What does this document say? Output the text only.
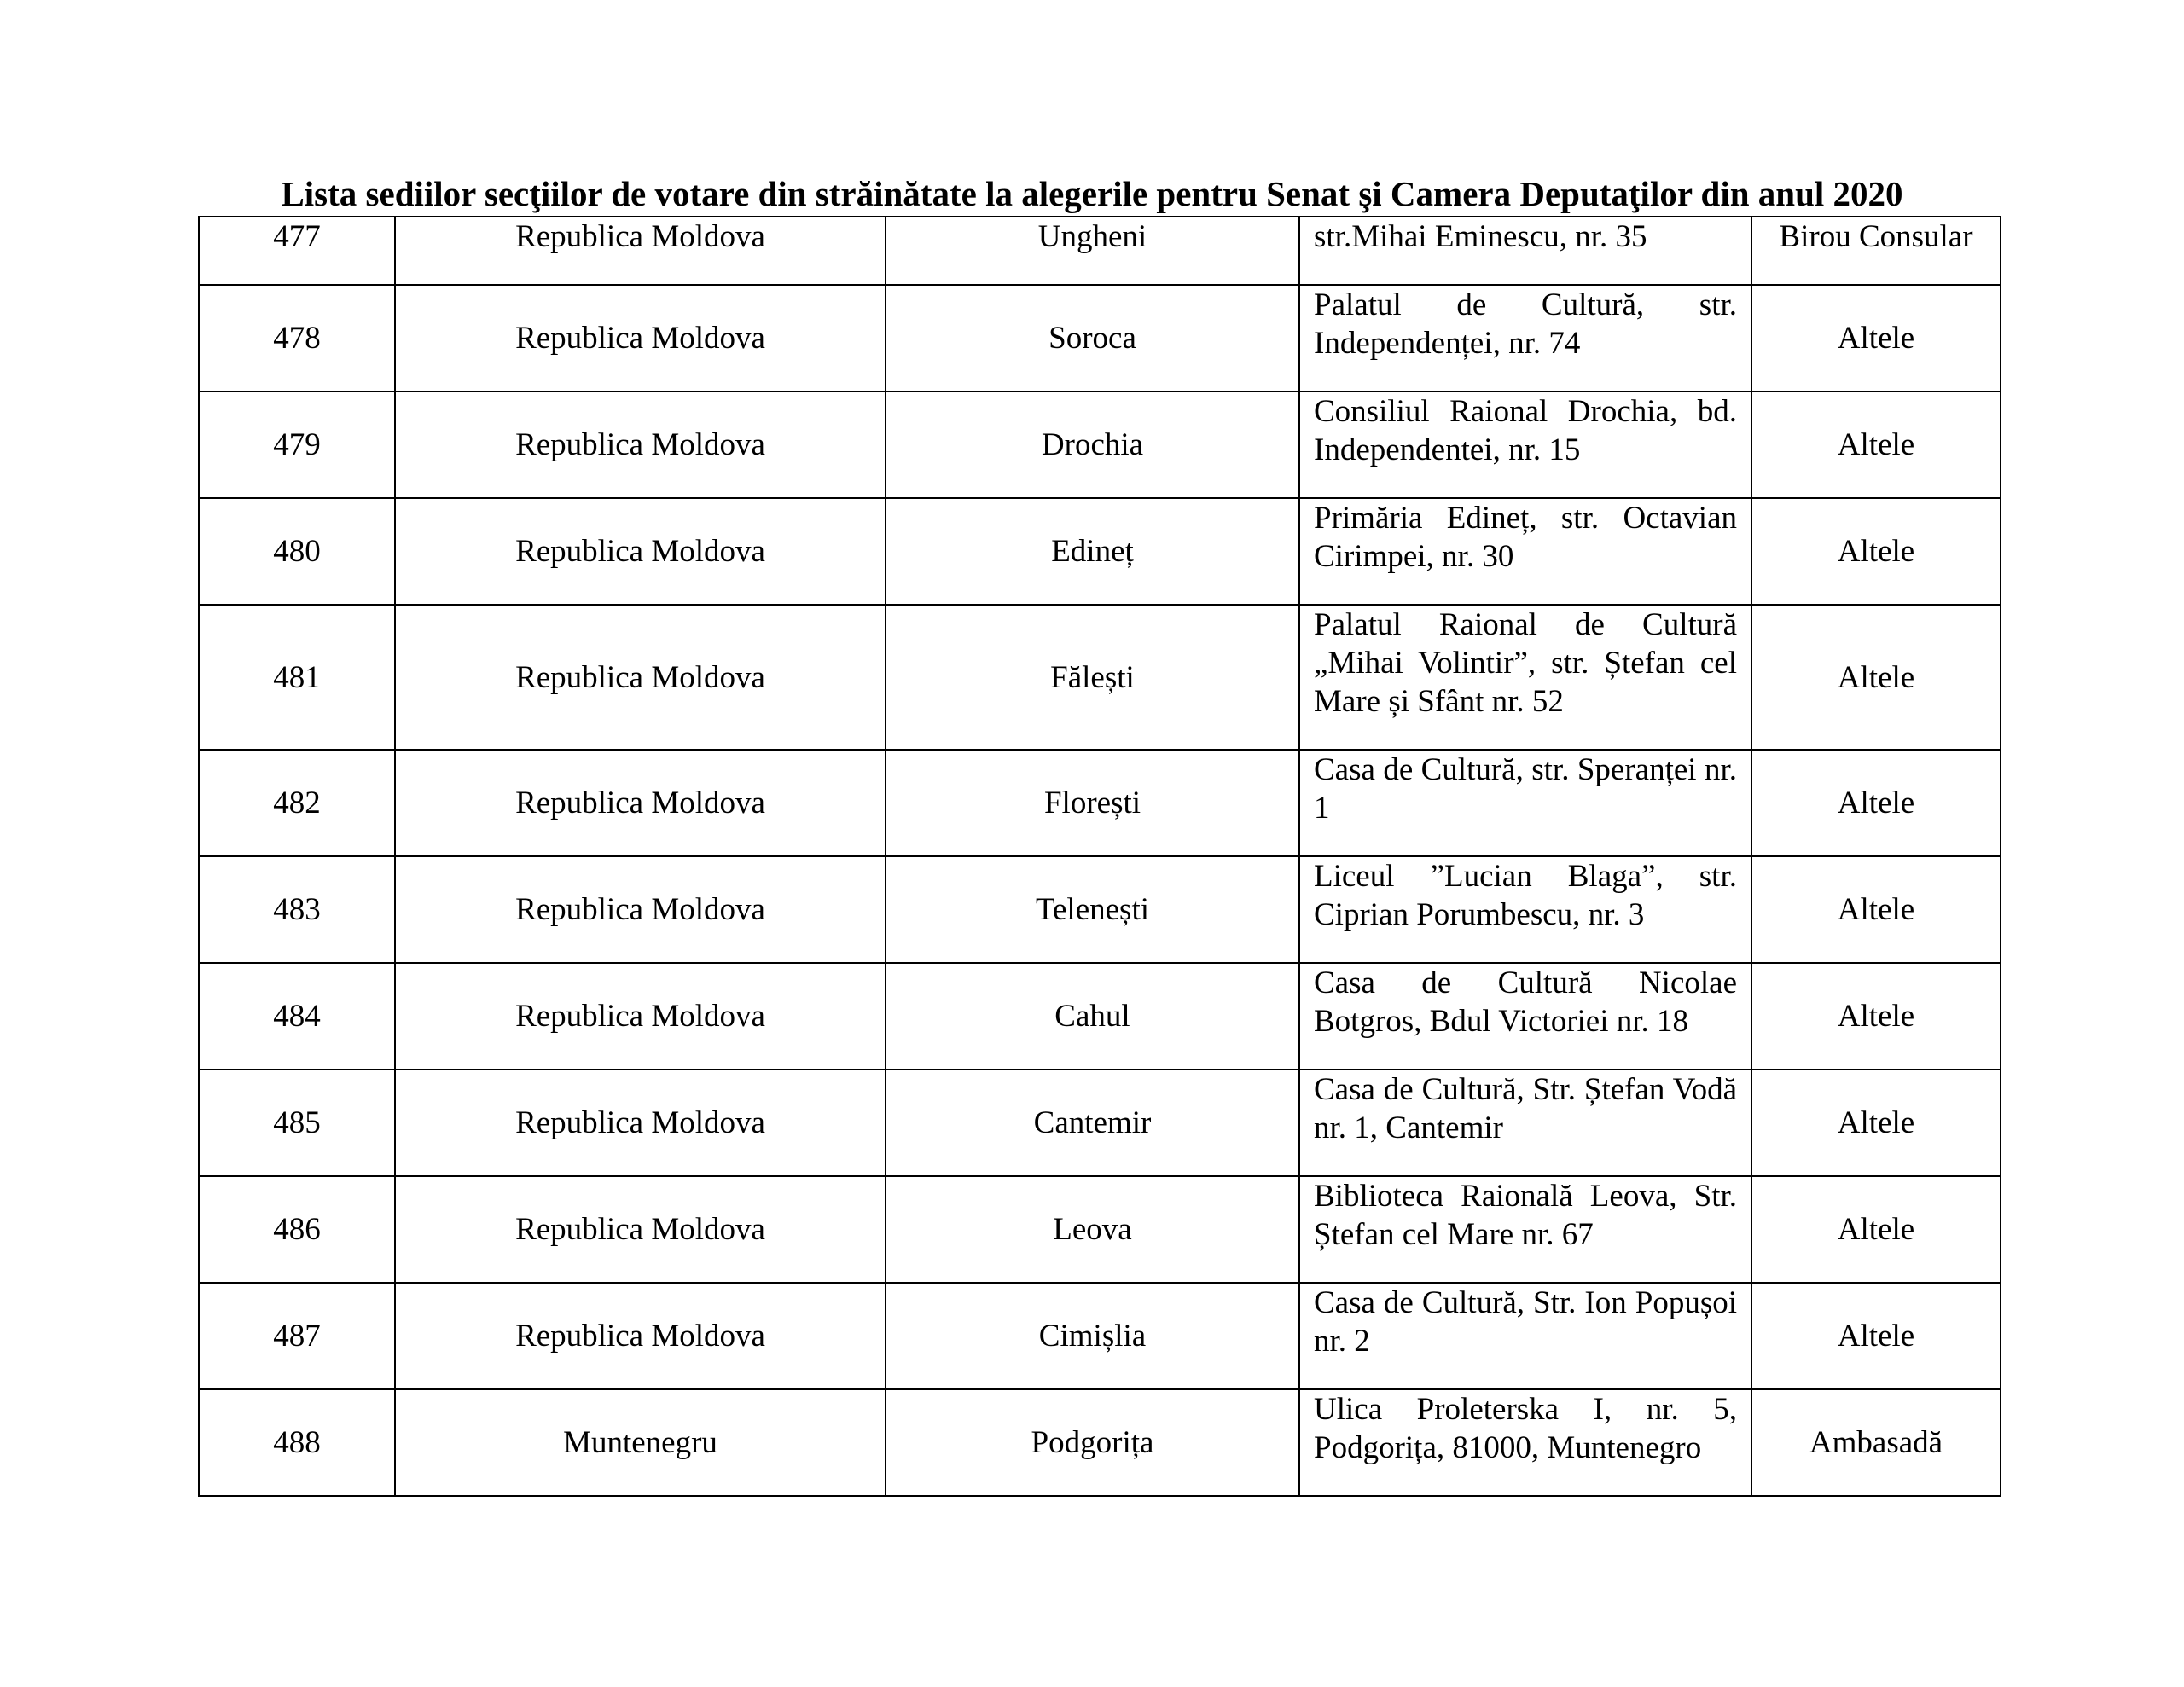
Lista sediilor secţiilor de votare din străinătate la alegerile pentru Senat şi Camera Deputaţilor din anul 2020
477	Republica Moldova	Ungheni	str.Mihai Eminescu, nr. 35	Birou Consular
478	Republica Moldova	Soroca	Palatul de Cultură, str. Independenței, nr. 74	Altele
479	Republica Moldova	Drochia	Consiliul Raional Drochia, bd. Independentei, nr. 15	Altele
480	Republica Moldova	Edineț	Primăria Edineț, str. Octavian Cirimpei, nr. 30	Altele
481	Republica Moldova	Fălești	Palatul Raional de Cultură „Mihai Volintir”, str. Ștefan cel Mare și Sfânt nr. 52	Altele
482	Republica Moldova	Florești	Casa de Cultură, str. Speranței nr. 1	Altele
483	Republica Moldova	Telenești	Liceul ”Lucian Blaga”, str. Ciprian Porumbescu, nr. 3	Altele
484	Republica Moldova	Cahul	Casa de Cultură Nicolae Botgros, Bdul Victoriei nr. 18	Altele
485	Republica Moldova	Cantemir	Casa de Cultură, Str. Ștefan Vodă nr. 1, Cantemir	Altele
486	Republica Moldova	Leova	Biblioteca Raională Leova, Str. Ștefan cel Mare nr. 67	Altele
487	Republica Moldova	Cimișlia	Casa de Cultură, Str. Ion Popușoi nr. 2	Altele
488	Muntenegru	Podgorița	Ulica Proleterska I, nr. 5, Podgorița, 81000, Muntenegro	Ambasadă
